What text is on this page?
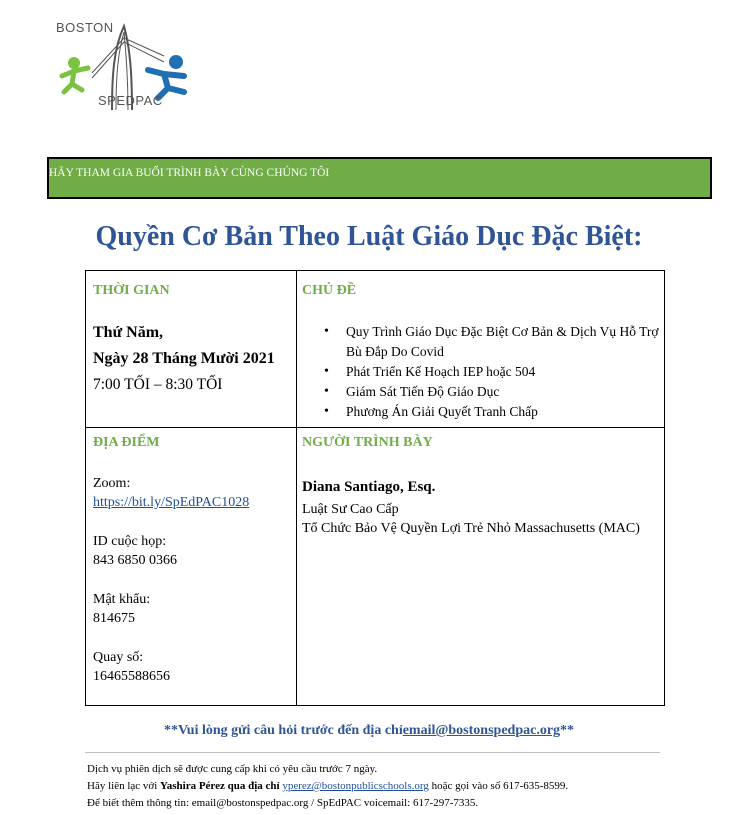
BOSTON
SPEDPAC
HÃY THAM GIA BUỔI TRÌNH BÀY CÙNG CHÚNG TÔI
Quyền Cơ Bản Theo Luật Giáo Dục Đặc Biệt:
THỜI GIAN
Thứ Năm,
Ngày 28 Tháng Mười 2021
7:00 TỐI – 8:30 TỐI
CHỦ ĐỀ
• Quy Trình Giáo Dục Đặc Biệt Cơ Bản & Dịch Vụ Hỗ Trợ Bù Đắp Do Covid
• Phát Triển Kế Hoạch IEP hoặc 504
• Giám Sát Tiến Độ Giáo Dục
• Phương Án Giải Quyết Tranh Chấp
ĐỊA ĐIỂM
Zoom:
https://bit.ly/SpEdPAC1028
ID cuộc họp:
843 6850 0366
Mật khẩu:
814675
Quay số:
16465588656
NGƯỜI TRÌNH BÀY
Diana Santiago, Esq.
Luật Sư Cao Cấp
Tổ Chức Bảo Vệ Quyền Lợi Trẻ Nhỏ Massachusetts (MAC)
**Vui lòng gửi câu hỏi trước đến địa chỉemail@bostonspedpac.org**
Dịch vụ phiên dịch sẽ được cung cấp khi có yêu cầu trước 7 ngày.
Hãy liên lạc với Yashira Pérez qua địa chỉ yperez@bostonpublicschools.org hoặc gọi vào số 617-635-8599.
Để biết thêm thông tin: email@bostonspedpac.org / SpEdPAC voicemail: 617-297-7335.
